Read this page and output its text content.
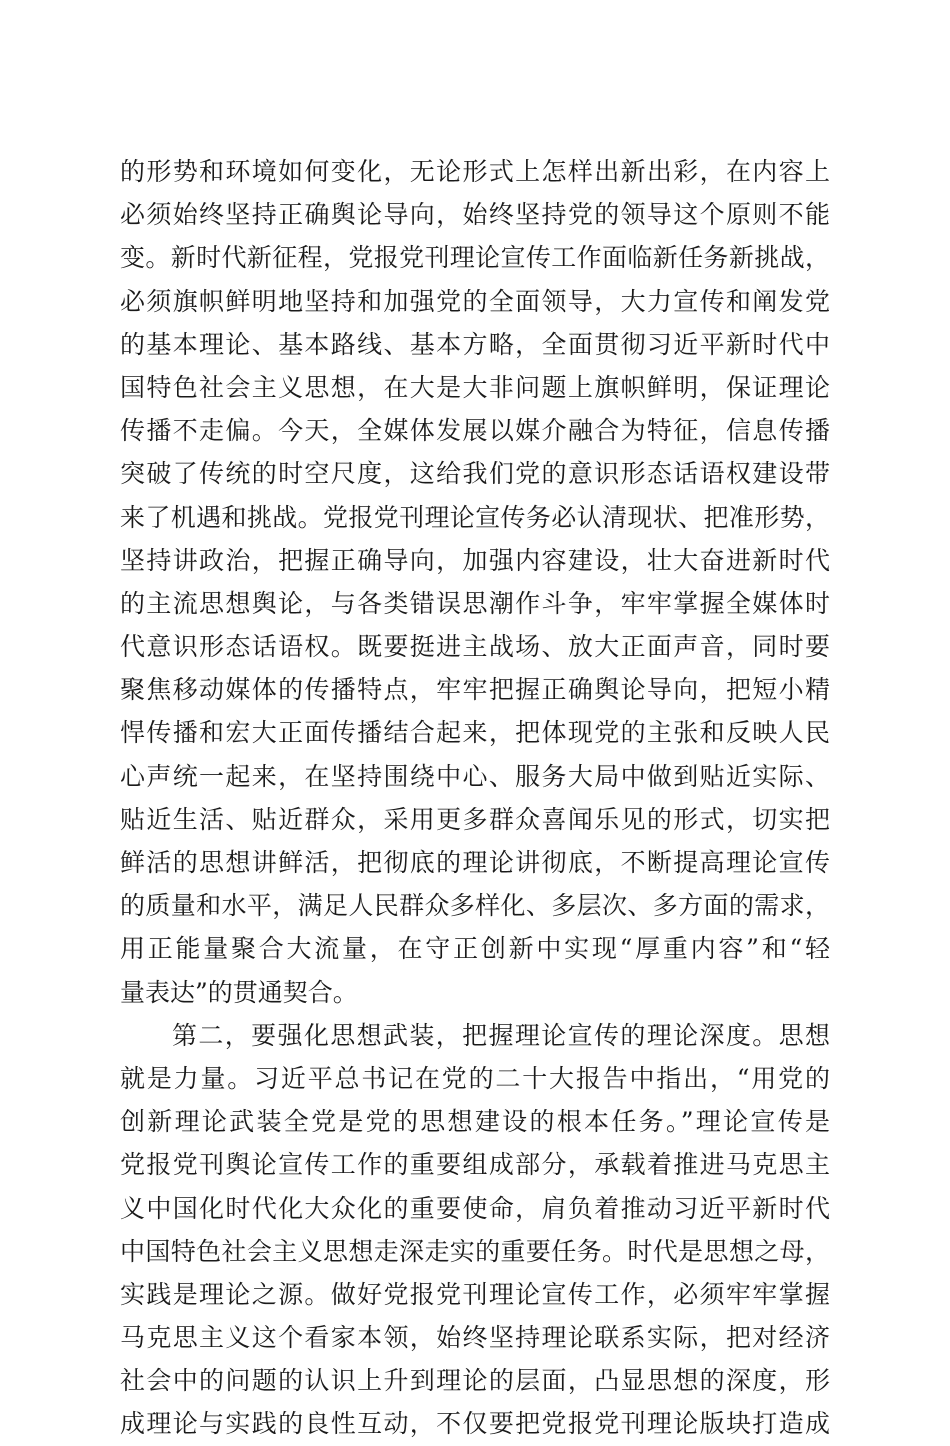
的形势和环境如何变化，无论形式上怎样出新出彩，在内容上
必须始终坚持正确舆论导向，始终坚持党的领导这个原则不能
变。新时代新征程，党报党刊理论宣传工作面临新任务新挑战，
必须旗帜鲜明地坚持和加强党的全面领导，大力宣传和阐发党
的基本理论、基本路线、基本方略，全面贯彻习近平新时代中
国特色社会主义思想，在大是大非问题上旗帜鲜明，保证理论
传播不走偏。今天，全媒体发展以媒介融合为特征，信息传播
突破了传统的时空尺度，这给我们党的意识形态话语权建设带
来了机遇和挑战。党报党刊理论宣传务必认清现状、把准形势，
坚持讲政治，把握正确导向，加强内容建设，壮大奋进新时代
的主流思想舆论，与各类错误思潮作斗争，牢牢掌握全媒体时
代意识形态话语权。既要挺进主战场、放大正面声音，同时要
聚焦移动媒体的传播特点，牢牢把握正确舆论导向，把短小精
悍传播和宏大正面传播结合起来，把体现党的主张和反映人民
心声统一起来，在坚持围绕中心、服务大局中做到贴近实际、
贴近生活、贴近群众，采用更多群众喜闻乐见的形式，切实把
鲜活的思想讲鲜活，把彻底的理论讲彻底，不断提高理论宣传
的质量和水平，满足人民群众多样化、多层次、多方面的需求，
用正能量聚合大流量，在守正创新中实现“厚重内容”和“轻
量表达”的贯通契合。
第二，要强化思想武装，把握理论宣传的理论深度。思想
就是力量。习近平总书记在党的二十大报告中指出，“用党的
创新理论武装全党是党的思想建设的根本任务。”理论宣传是
党报党刊舆论宣传工作的重要组成部分，承载着推进马克思主
义中国化时代化大众化的重要使命，肩负着推动习近平新时代
中国特色社会主义思想走深走实的重要任务。时代是思想之母，
实践是理论之源。做好党报党刊理论宣传工作，必须牢牢掌握
马克思主义这个看家本领，始终坚持理论联系实际，把对经济
社会中的问题的认识上升到理论的层面，凸显思想的深度，形
成理论与实践的良性互动，不仅要把党报党刊理论版块打造成
